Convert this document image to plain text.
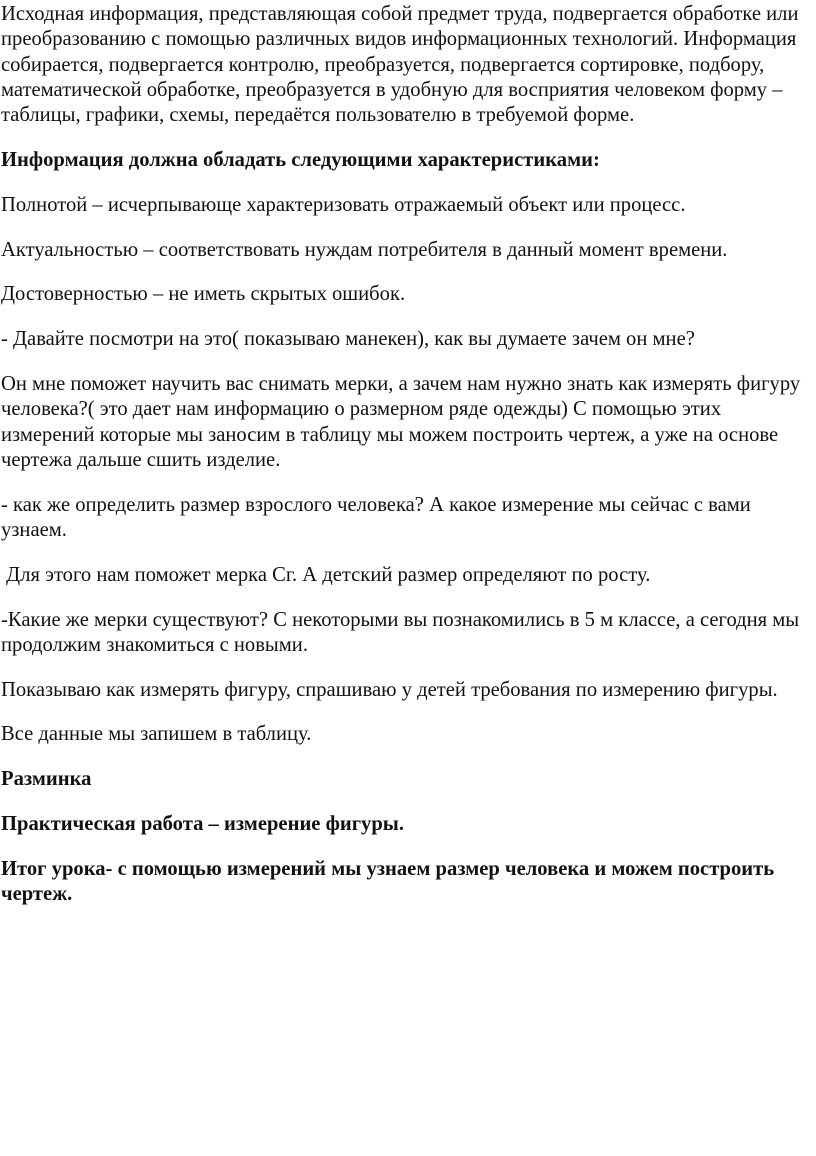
Исходная информация, представляющая собой предмет труда, подвергается обработке или преобразованию с помощью различных видов информационных технологий. Информация собирается, подвергается контролю, преобразуется, подвергается сортировке, подбору, математической обработке, преобразуется в удобную для восприятия человеком форму – таблицы, графики, схемы, передаётся пользователю в требуемой форме.

Информация должна обладать следующими характеристиками:

Полнотой – исчерпывающе характеризовать отражаемый объект или процесс.

Актуальностью – соответствовать нуждам потребителя в данный момент времени.

Достоверностью – не иметь скрытых ошибок.

- Давайте посмотри на это( показываю манекен), как вы думаете зачем он мне?

Он мне поможет научить вас снимать мерки, а зачем нам нужно знать как измерять фигуру человека?( это дает нам информацию о размерном ряде одежды) С помощью этих измерений которые мы заносим в таблицу мы можем построить чертеж, а уже на основе чертежа дальше сшить изделие.

- как же определить размер взрослого человека? А какое измерение мы сейчас с вами узнаем.

Для этого нам поможет мерка Сг. А детский размер определяют по росту.

-Какие же мерки существуют? С некоторыми вы познакомились в 5 м классе, а сегодня мы продолжим знакомиться с новыми.

Показываю как измерять фигуру, спрашиваю у детей требования по измерению фигуры.

Все данные мы запишем в таблицу.

Разминка

Практическая работа – измерение фигуры.

Итог урока- с помощью измерений мы узнаем размер человека и можем построить чертеж.
